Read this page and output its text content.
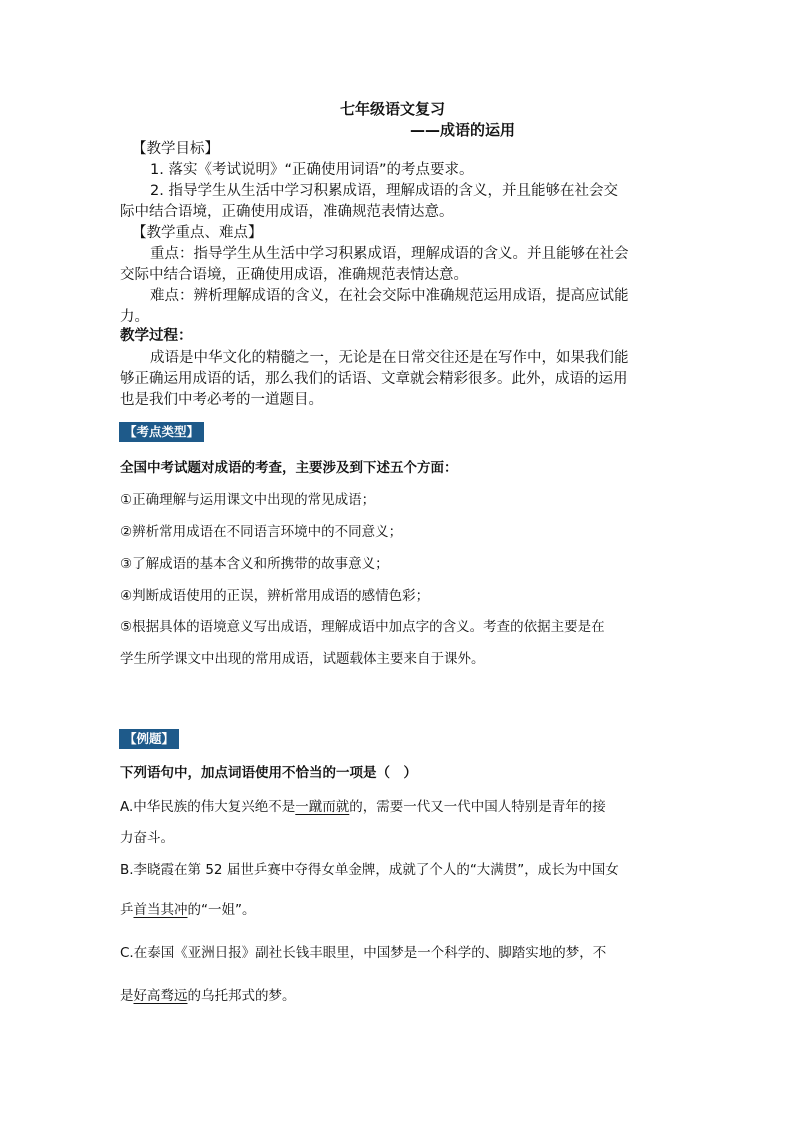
七年级语文复习
——成语的运用
【教学目标】
1. 落实《考试说明》“正确使用词语”的考点要求。
2. 指导学生从生活中学习积累成语，理解成语的含义，并且能够在社会交
际中结合语境，正确使用成语，准确规范表情达意。
【教学重点、难点】
重点：指导学生从生活中学习积累成语，理解成语的含义。并且能够在社会
交际中结合语境，正确使用成语，准确规范表情达意。
难点：辨析理解成语的含义，在社会交际中准确规范运用成语，提高应试能
力。
教学过程：
成语是中华文化的精髓之一，无论是在日常交往还是在写作中，如果我们能
够正确运用成语的话，那么我们的话语、文章就会精彩很多。此外，成语的运用
也是我们中考必考的一道题目。
【考点类型】
全国中考试题对成语的考查，主要涉及到下述五个方面：
①正确理解与运用课文中出现的常见成语；
②辨析常用成语在不同语言环境中的不同意义；
③了解成语的基本含义和所携带的故事意义；
④判断成语使用的正误，辨析常用成语的感情色彩；
⑤根据具体的语境意义写出成语，理解成语中加点字的含义。考查的依据主要是在
学生所学课文中出现的常用成语，试题载体主要来自于课外。
【例题】
下列语句中，加点词语使用不恰当的一项是（　）
A.中华民族的伟大复兴绝不是一蹴而就的，需要一代又一代中国人特别是青年的接
力奋斗。
B.李晓霞在第 52 届世乒赛中夺得女单金牌，成就了个人的“大满贯”，成长为中国女
乒首当其冲的“一姐”。
C.在泰国《亚洲日报》副社长钱丰眼里，中国梦是一个科学的、脚踏实地的梦，不
是好高骛远的乌托邦式的梦。
